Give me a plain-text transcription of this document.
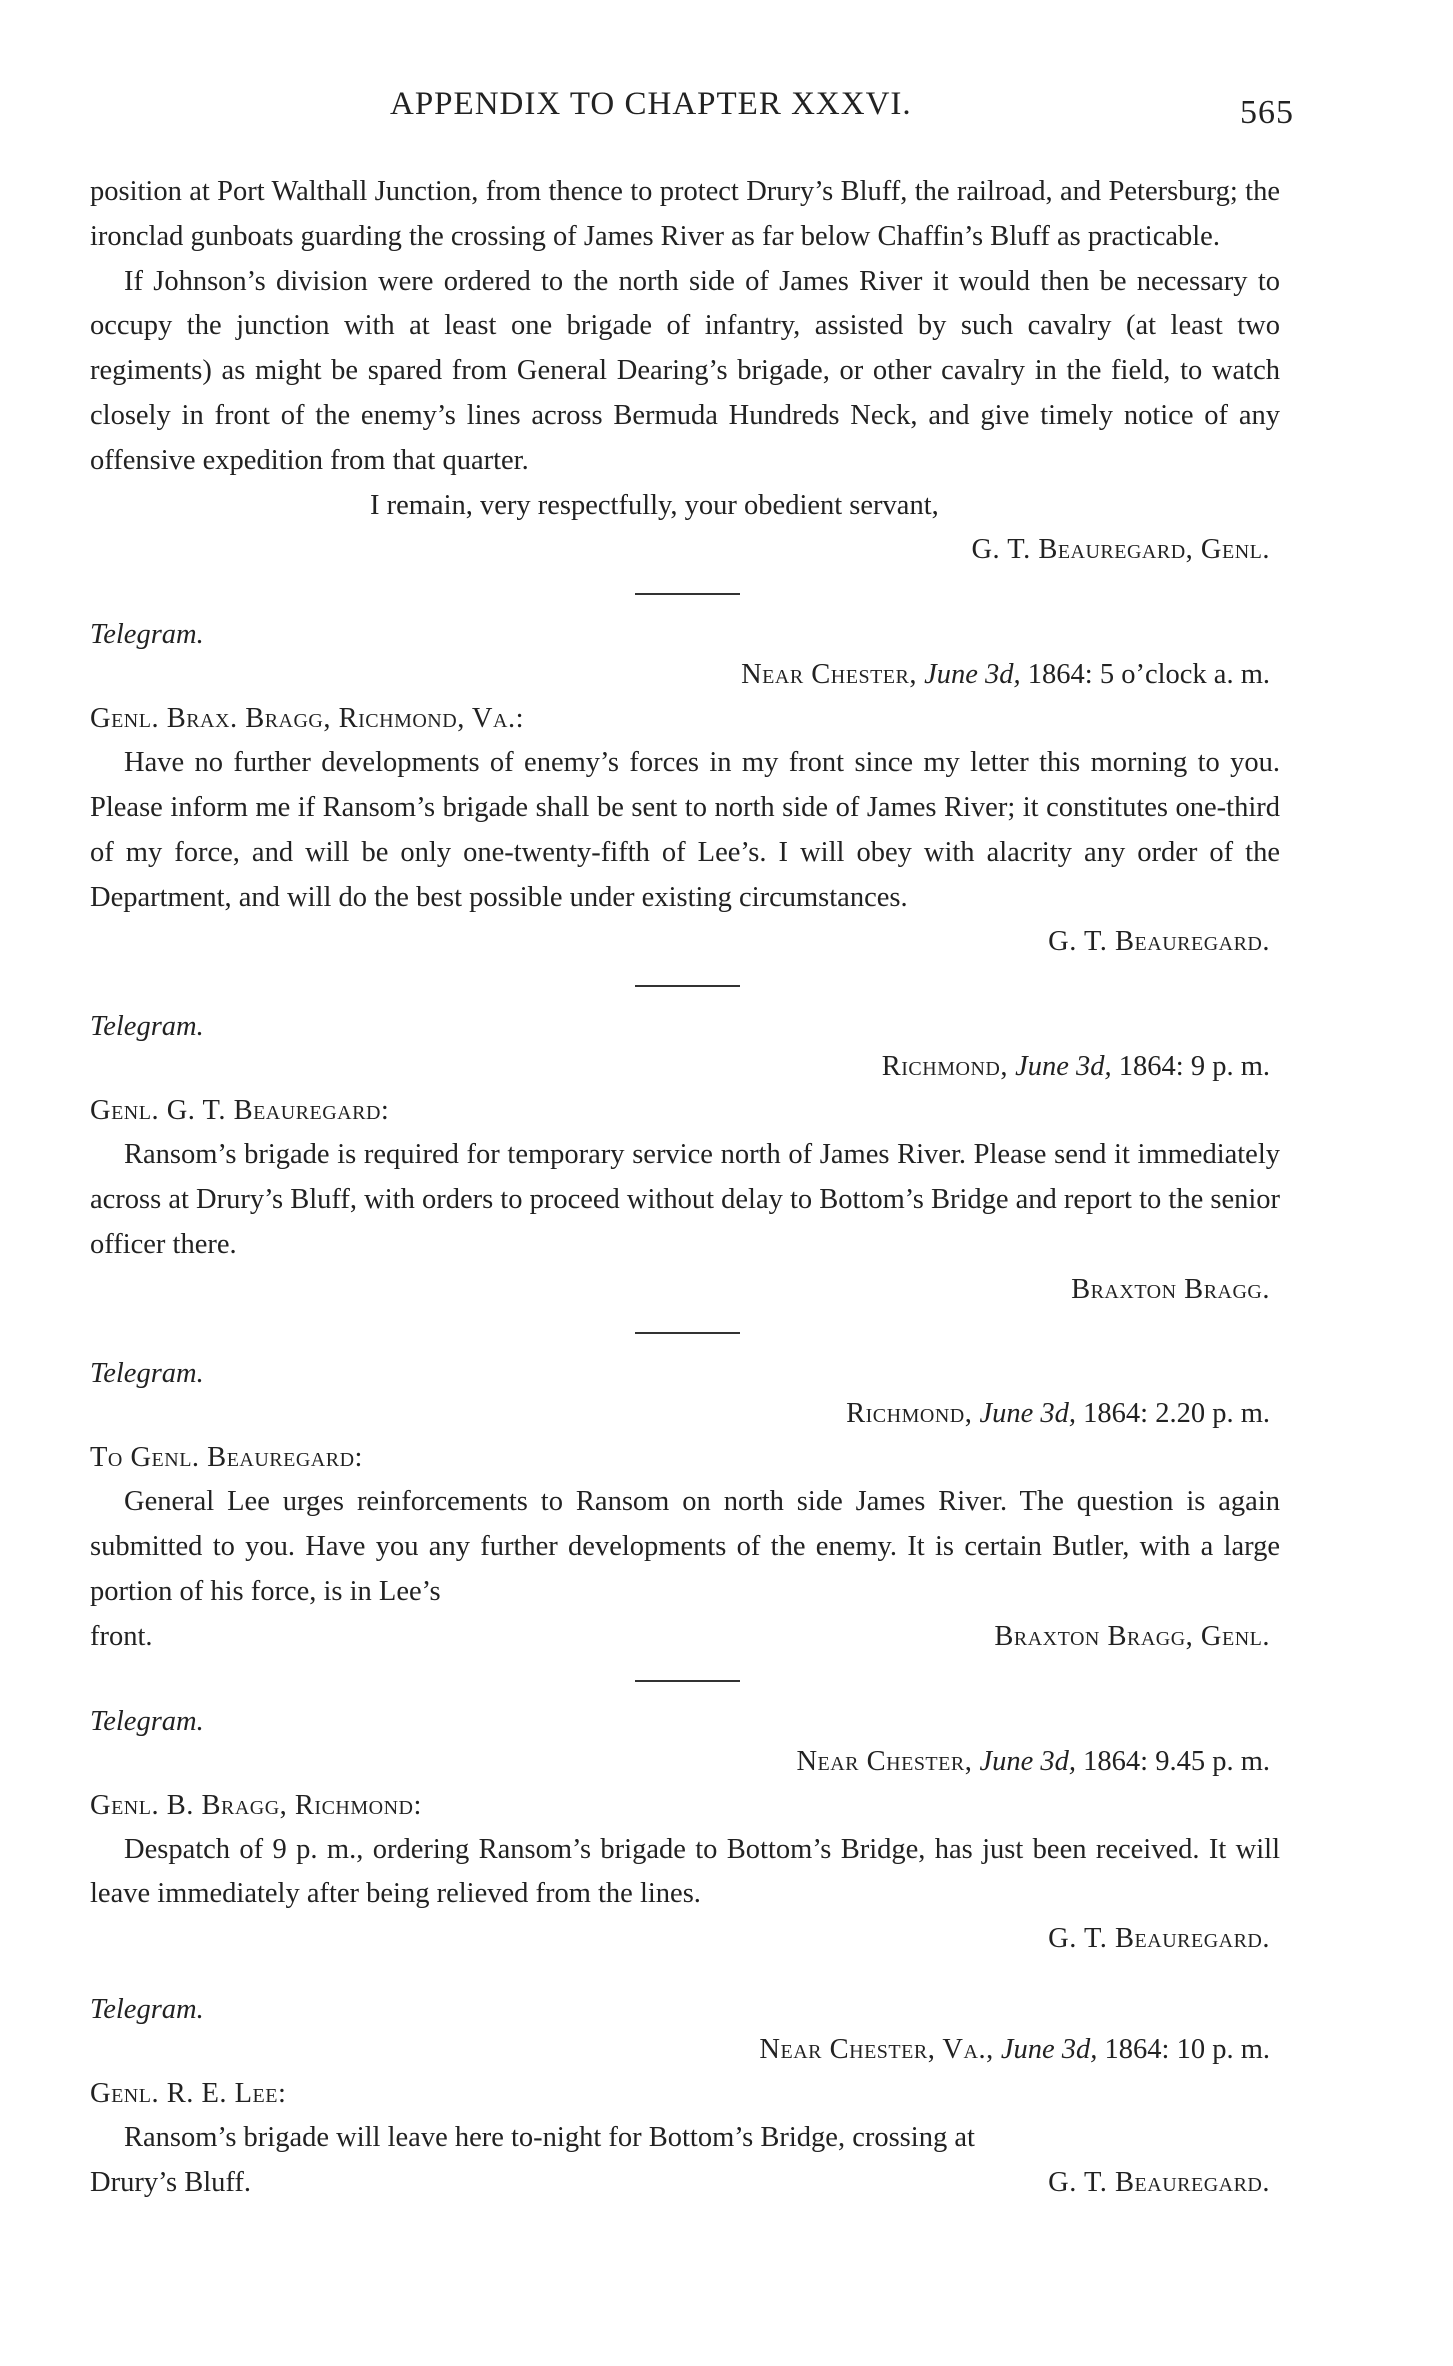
APPENDIX TO CHAPTER XXXVI.	565

position at Port Walthall Junction, from thence to protect Drury’s Bluff, the railroad, and Petersburg; the ironclad gunboats guarding the crossing of James River as far below Chaffin’s Bluff as practicable.

If Johnson’s division were ordered to the north side of James River it would then be necessary to occupy the junction with at least one brigade of infantry, assisted by such cavalry (at least two regiments) as might be spared from General Dearing’s brigade, or other cavalry in the field, to watch closely in front of the enemy’s lines across Bermuda Hundreds Neck, and give timely notice of any offensive expedition from that quarter.

I remain, very respectfully, your obedient servant,

G. T. Beauregard, Genl.

Telegram.

Near Chester, June 3d, 1864: 5 o’clock a. m.

Genl. Brax. Bragg, Richmond, Va.:

Have no further developments of enemy’s forces in my front since my letter this morning to you. Please inform me if Ransom’s brigade shall be sent to north side of James River; it constitutes one-third of my force, and will be only one-twenty-fifth of Lee’s. I will obey with alacrity any order of the Department, and will do the best possible under existing circumstances.

G. T. Beauregard.

Telegram.

Richmond, June 3d, 1864: 9 p. m.

Genl. G. T. Beauregard:

Ransom’s brigade is required for temporary service north of James River. Please send it immediately across at Drury’s Bluff, with orders to proceed without delay to Bottom’s Bridge and report to the senior officer there.

Braxton Bragg.

Telegram.

Richmond, June 3d, 1864: 2.20 p. m.

To Genl. Beauregard:

General Lee urges reinforcements to Ransom on north side James River. The question is again submitted to you. Have you any further developments of the enemy. It is certain Butler, with a large portion of his force, is in Lee’s

front.	Braxton Bragg, Genl.

Telegram.

Near Chester, June 3d, 1864: 9.45 p. m.

Genl. B. Bragg, Richmond:

Despatch of 9 p. m., ordering Ransom’s brigade to Bottom’s Bridge, has just been received. It will leave immediately after being relieved from the lines.

G. T. Beauregard.

Telegram.

Near Chester, Va., June 3d, 1864: 10 p. m.

Genl. R. E. Lee:

Ransom’s brigade will leave here to-night for Bottom’s Bridge, crossing at

Drury’s Bluff.	G. T. Beauregard.
